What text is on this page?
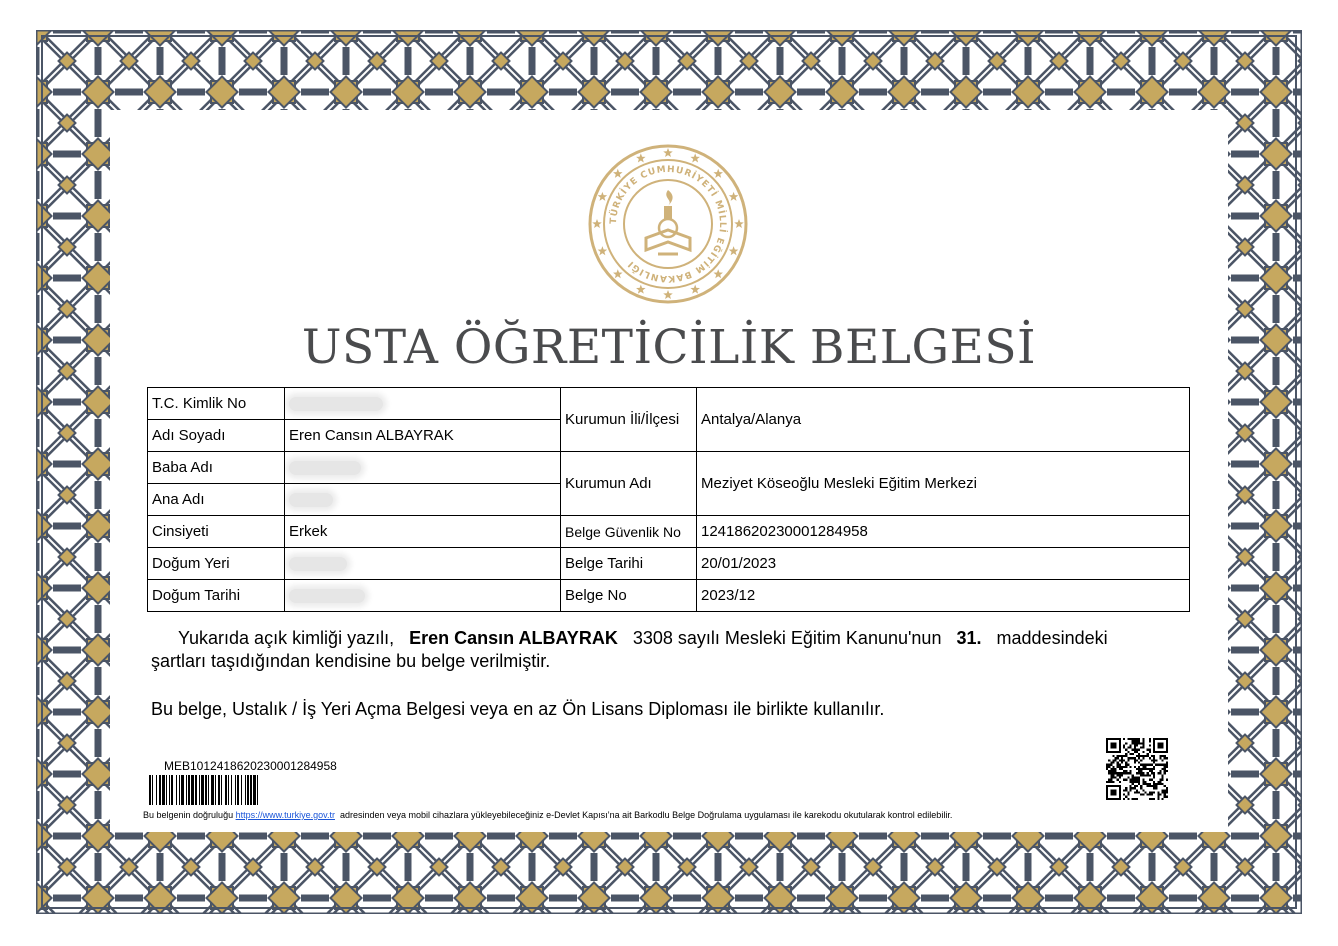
TÜRKİYE CUMHURİYETİ MİLLİ EĞİTİM BAKANLIĞI
USTA ÖĞRETİCİLİK BELGESİ
T.C. Kimlik No		Kurumun İli/İlçesi	Antalya/Alanya
Adı Soyadı	Eren Cansın ALBAYRAK		
Baba Adı		Kurumun Adı	Meziyet Köseoğlu Mesleki Eğitim Merkezi
Ana Adı			
Cinsiyeti	Erkek	Belge Güvenlik No	12418620230001284958
Doğum Yeri		Belge Tarihi	20/01/2023
Doğum Tarihi		Belge No	2023/12
Yukarıda açık kimliği yazılı, Eren Cansın ALBAYRAK 3308 sayılı Mesleki Eğitim Kanunu'nun 31. maddesindeki
şartları taşıdığından kendisine bu belge verilmiştir.
Bu belge, Ustalık / İş Yeri Açma Belgesi veya en az Ön Lisans Diploması ile birlikte kullanılır.
MEB1012418620230001284958
Bu belgenin doğruluğu https://www.turkiye.gov.tr adresinden veya mobil cihazlara yükleyebileceğiniz e-Devlet Kapısı’na ait Barkodlu Belge Doğrulama uygulaması ile karekodu okutularak kontrol edilebilir.
